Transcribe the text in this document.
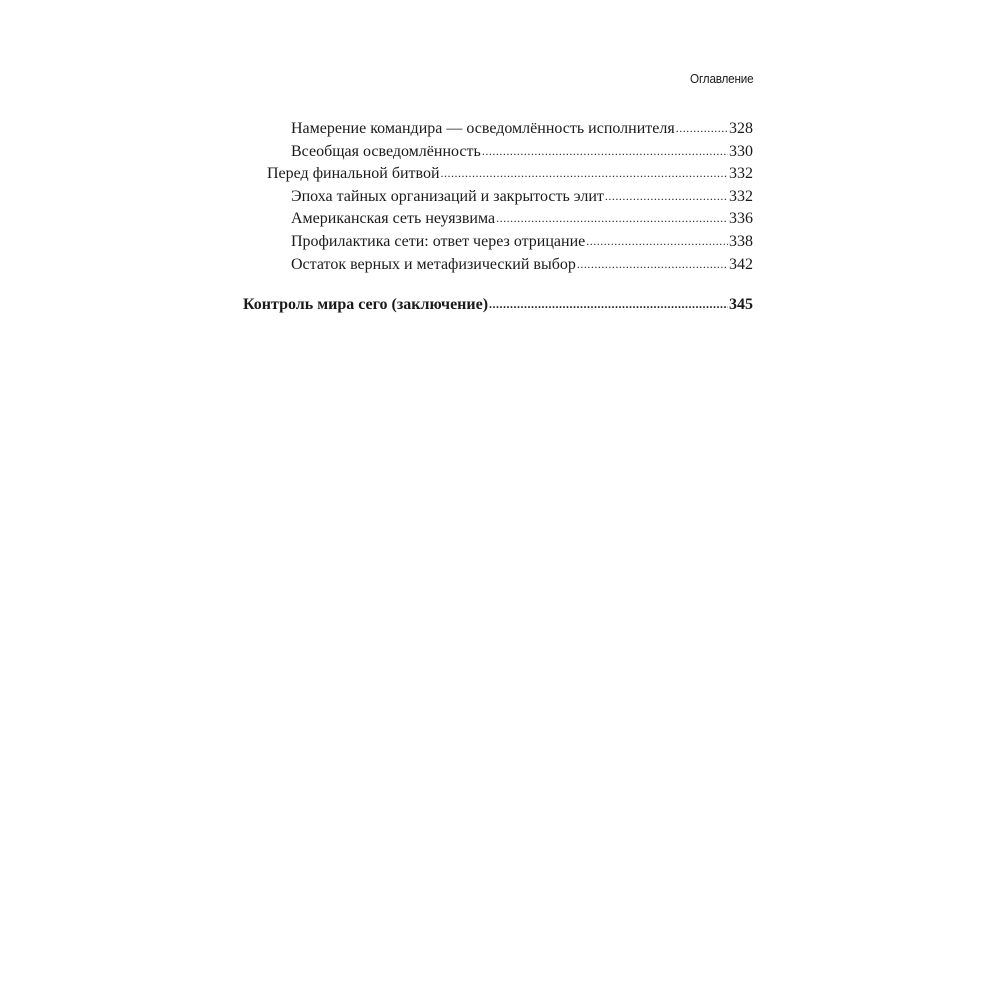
Оглавление
Намерение командира — осведомлённость исполнителя .....	328
Всеобщая осведомлённость .....	330
Перед финальной битвой .....	332
Эпоха тайных организаций и закрытость элит .....	332
Американская сеть неуязвима .....	336
Профилактика сети: ответ через отрицание .....	338
Остаток верных и метафизический выбор .....	342
Контроль мира сего (заключение) .....	345
